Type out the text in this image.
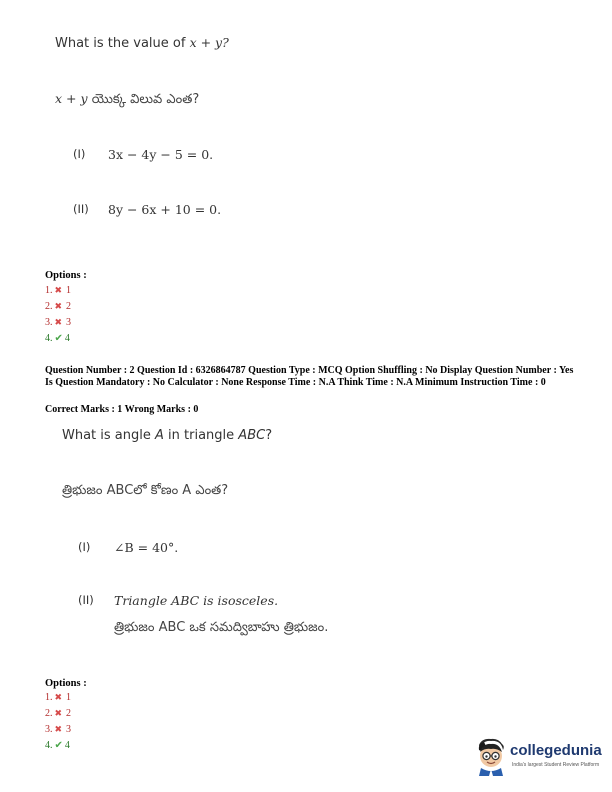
What is the value of x + y?
x + y యొక్క విలువ ఎంత?
(I) 3x − 4y − 5 = 0.
(II) 8y − 6x + 10 = 0.
Options :
1. ✖ 1
2. ✖ 2
3. ✖ 3
4. ✔ 4
Question Number : 2 Question Id : 6326864787 Question Type : MCQ Option Shuffling : No Display Question Number : Yes Is Question Mandatory : No Calculator : None Response Time : N.A Think Time : N.A Minimum Instruction Time : 0
Correct Marks : 1 Wrong Marks : 0
What is angle A in triangle ABC?
త్రిభుజం ABCలో కోణం A ఎంత?
(I) ∠B = 40°.
(II) Triangle ABC is isosceles.
త్రిభుజం ABC ఒక సమద్విబాహు త్రిభుజం.
Options :
1. ✖ 1
2. ✖ 2
3. ✖ 3
4. ✔ 4	collegedunia
India's largest Student Review Platform
